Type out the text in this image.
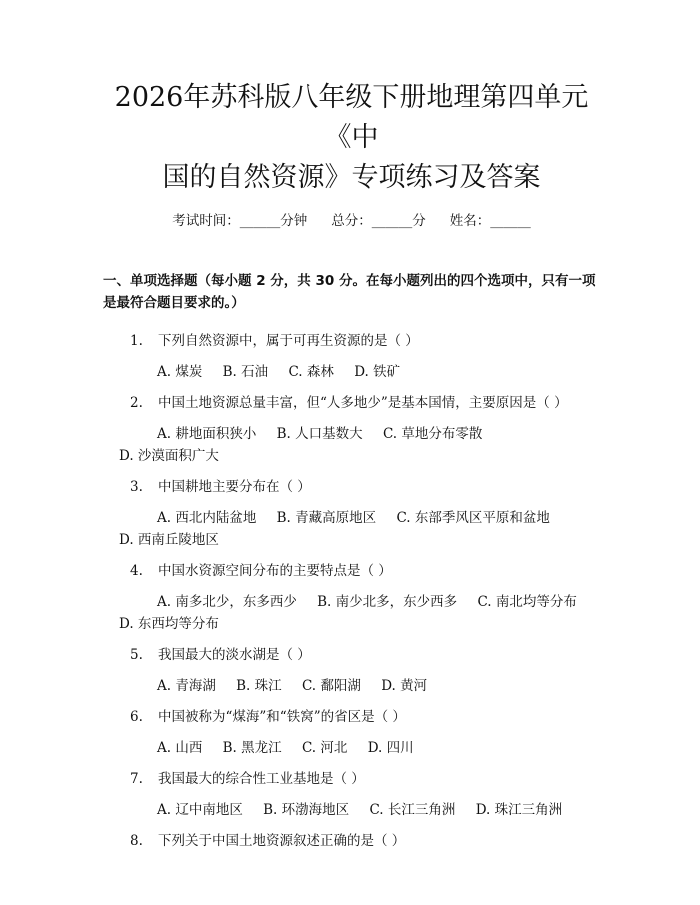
2026年苏科版八年级下册地理第四单元《中
国的自然资源》专项练习及答案
考试时间：______分钟 总分：______分 姓名：______
一、单项选择题（每小题 2 分，共 30 分。在每小题列出的四个选项中，只有一项是最符合题目要求的。）
1. 下列自然资源中，属于可再生资源的是（ ）
A. 煤炭 B. 石油 C. 森林 D. 铁矿
2. 中国土地资源总量丰富，但“人多地少”是基本国情，主要原因是（ ）
A. 耕地面积狭小 B. 人口基数大 C. 草地分布零散 D. 沙漠面积广大
3. 中国耕地主要分布在（ ）
A. 西北内陆盆地 B. 青藏高原地区 C. 东部季风区平原和盆地 D. 西南丘陵地区
4. 中国水资源空间分布的主要特点是（ ）
A. 南多北少，东多西少 B. 南少北多，东少西多 C. 南北均等分布 D. 东西均等分布
5. 我国最大的淡水湖是（ ）
A. 青海湖 B. 珠江 C. 鄱阳湖 D. 黄河
6. 中国被称为“煤海”和“铁窝”的省区是（ ）
A. 山西 B. 黑龙江 C. 河北 D. 四川
7. 我国最大的综合性工业基地是（ ）
A. 辽中南地区 B. 环渤海地区 C. 长江三角洲 D. 珠江三角洲
8. 下列关于中国土地资源叙述正确的是（ ）
